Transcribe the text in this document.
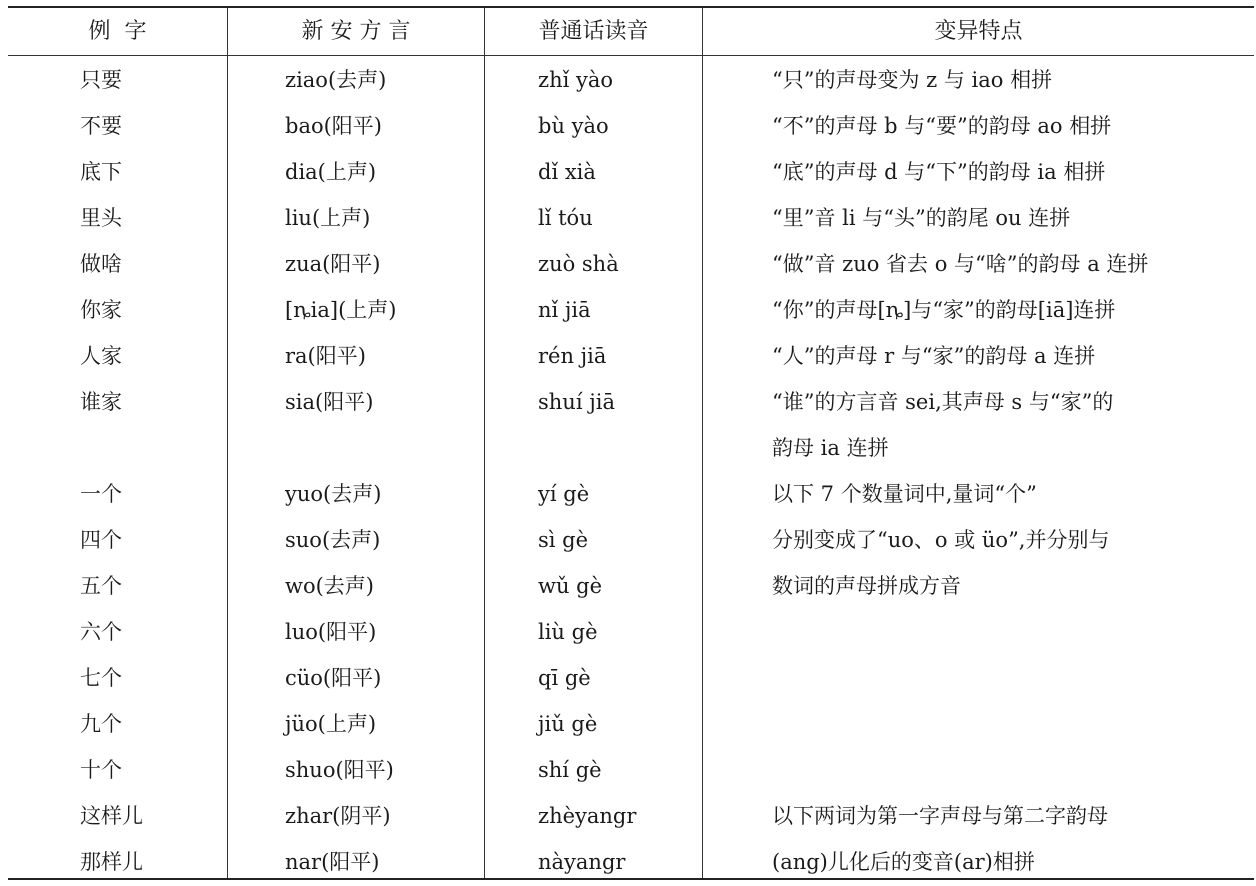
例  字	新 安 方 言	普通话读音	变异特点
只要	ziao(去声)	zhǐ yào	“只”的声母变为 z 与 iao 相拼
不要	bao(阳平)	bù yào	“不”的声母 b 与“要”的韵母 ao 相拼
底下	dia(上声)	dǐ xià	“底”的声母 d 与“下”的韵母 ia 相拼
里头	liu(上声)	lǐ tóu	“里”音 li 与“头”的韵尾 ou 连拼
做啥	zua(阳平)	zuò shà	“做”音 zuo 省去 o 与“啥”的韵母 a 连拼
你家	[ȵia](上声)	nǐ jiā	“你”的声母[ȵ]与“家”的韵母[iā]连拼
人家	ra(阳平)	rén jiā	“人”的声母 r 与“家”的韵母 a 连拼
谁家	sia(阳平)	shuí jiā	“谁”的方言音 sei,其声母 s 与“家”的
韵母 ia 连拼
一个	yuo(去声)	yí gè	以下 7 个数量词中,量词“个”
四个	suo(去声)	sì gè	分别变成了“uo、o 或 üo”,并分别与
五个	wo(去声)	wǔ gè	数词的声母拼成方音
六个	luo(阳平)	liù gè
七个	cüo(阳平)	qī gè
九个	jüo(上声)	jiǔ gè
十个	shuo(阳平)	shí gè
这样儿	zhar(阴平)	zhèyangr	以下两词为第一字声母与第二字韵母
那样儿	nar(阳平)	nàyangr	(ang)儿化后的变音(ar)相拼
